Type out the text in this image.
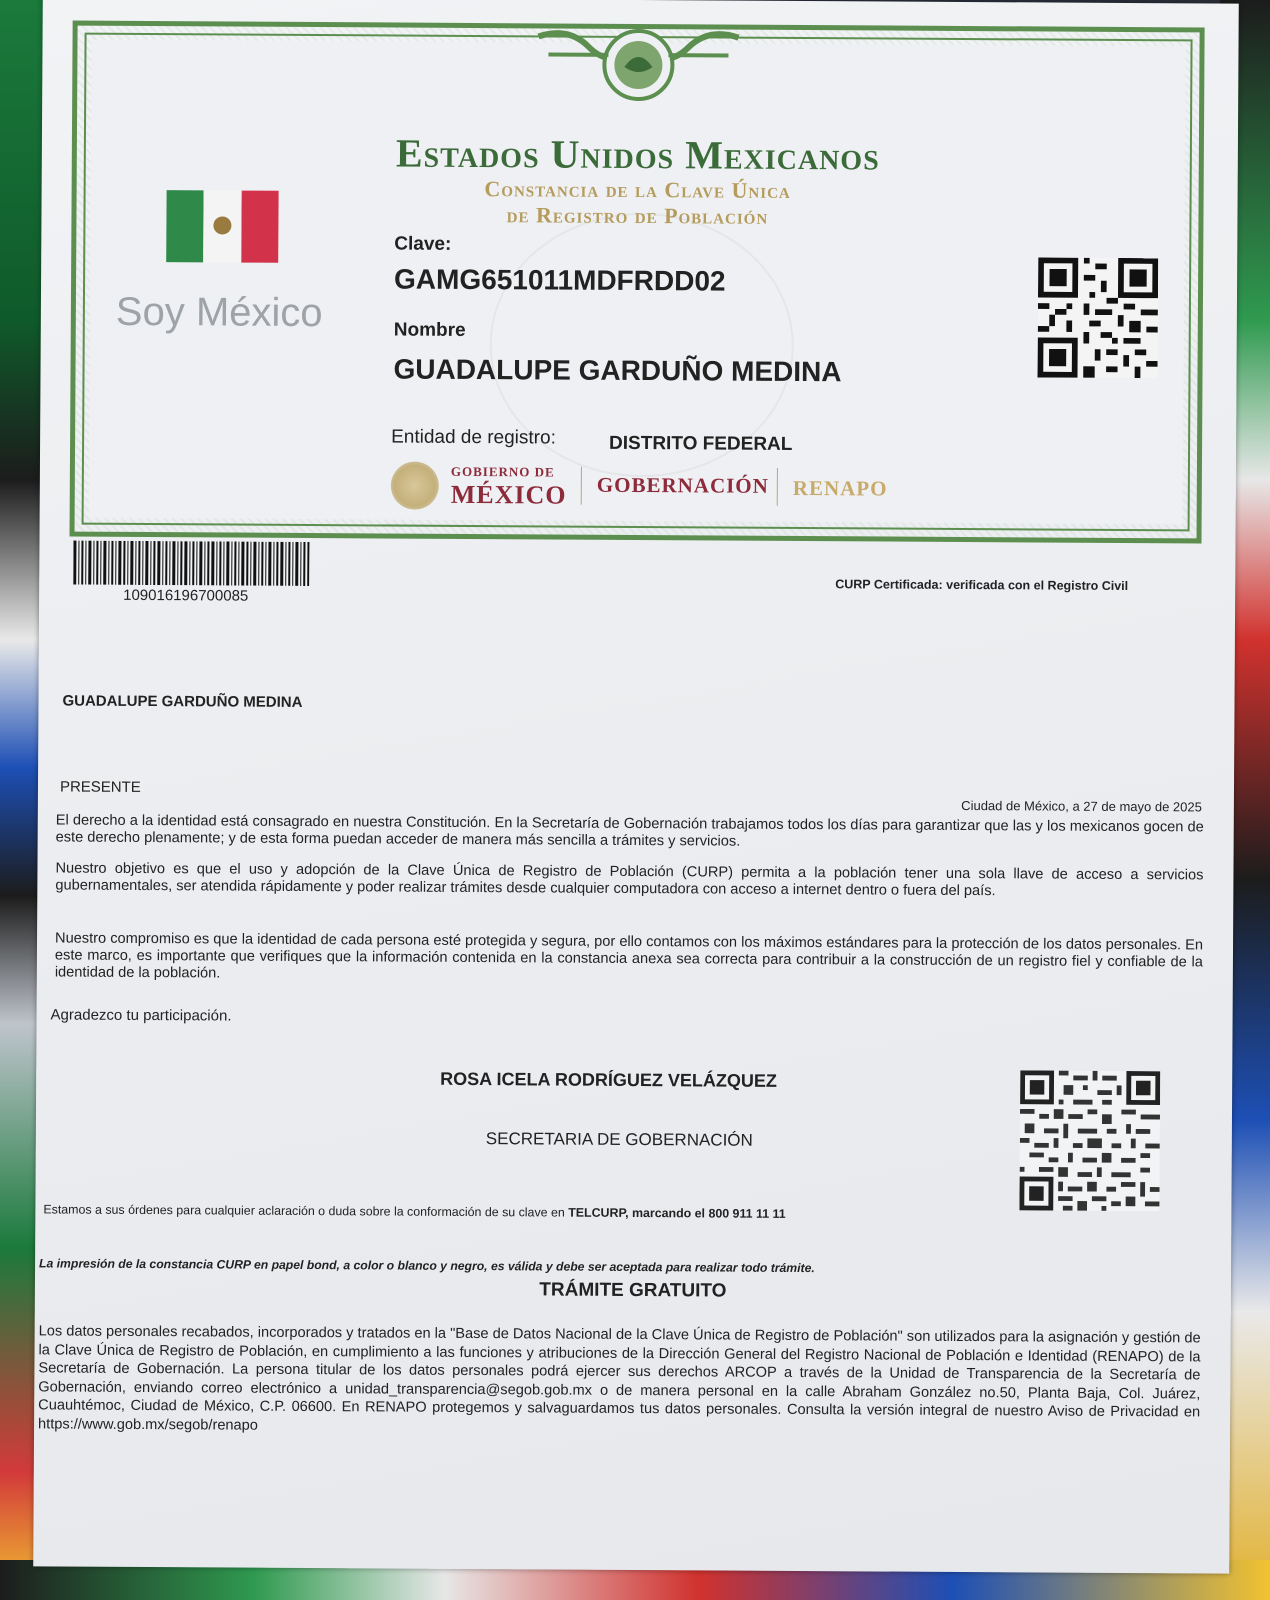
Estados Unidos Mexicanos
Constancia de la Clave Única
de Registro de Población
Soy México
Clave:
GAMG651011MDFRDD02
Nombre
GUADALUPE GARDUÑO MEDINA
Entidad de registro:	DISTRITO FEDERAL
GOBIERNO DE
MÉXICO GOBERNACIÓN RENAPO
109016196700085
CURP Certificada: verificada con el Registro Civil
GUADALUPE GARDUÑO MEDINA
PRESENTE
Ciudad de México, a 27 de mayo de 2025
El derecho a la identidad está consagrado en nuestra Constitución. En la Secretaría de Gobernación trabajamos todos los días para garantizar que las y los mexicanos gocen de este derecho plenamente; y de esta forma puedan acceder de manera más sencilla a trámites y servicios.
Nuestro objetivo es que el uso y adopción de la Clave Única de Registro de Población (CURP) permita a la población tener una sola llave de acceso a servicios gubernamentales, ser atendida rápidamente y poder realizar trámites desde cualquier computadora con acceso a internet dentro o fuera del país.
Nuestro compromiso es que la identidad de cada persona esté protegida y segura, por ello contamos con los máximos estándares para la protección de los datos personales. En este marco, es importante que verifiques que la información contenida en la constancia anexa sea correcta para contribuir a la construcción de un registro fiel y confiable de la identidad de la población.
Agradezco tu participación.
ROSA ICELA RODRÍGUEZ VELÁZQUEZ
SECRETARIA DE GOBERNACIÓN
Estamos a sus órdenes para cualquier aclaración o duda sobre la conformación de su clave en TELCURP, marcando el 800 911 11 11
La impresión de la constancia CURP en papel bond, a color o blanco y negro, es válida y debe ser aceptada para realizar todo trámite.
TRÁMITE GRATUITO
Los datos personales recabados, incorporados y tratados en la "Base de Datos Nacional de la Clave Única de Registro de Población" son utilizados para la asignación y gestión de la Clave Única de Registro de Población, en cumplimiento a las funciones y atribuciones de la Dirección General del Registro Nacional de Población e Identidad (RENAPO) de la Secretaría de Gobernación. La persona titular de los datos personales podrá ejercer sus derechos ARCOP a través de la Unidad de Transparencia de la Secretaría de Gobernación, enviando correo electrónico a unidad_transparencia@segob.gob.mx o de manera personal en la calle Abraham González no.50, Planta Baja, Col. Juárez, Cuauhtémoc, Ciudad de México, C.P. 06600. En RENAPO protegemos y salvaguardamos tus datos personales. Consulta la versión integral de nuestro Aviso de Privacidad en https://www.gob.mx/segob/renapo
